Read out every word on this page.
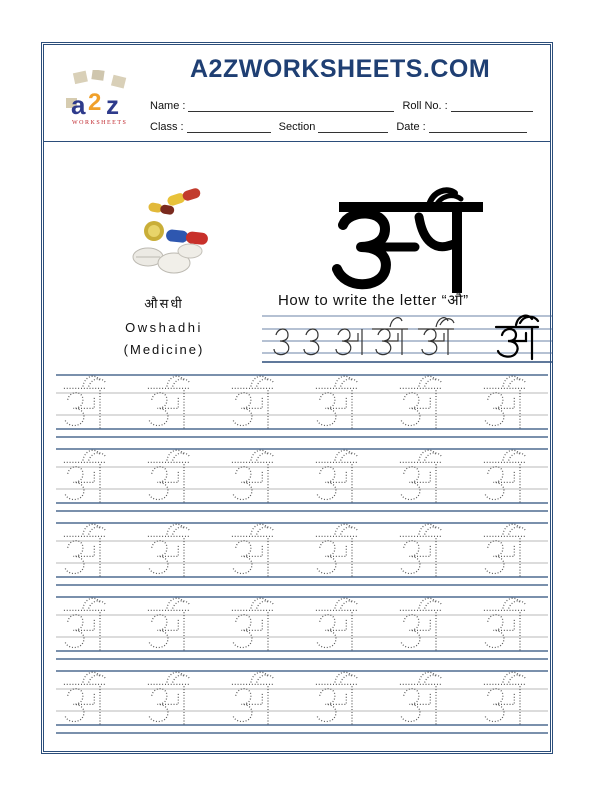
a 2 z
WORKSHEETS
A2ZWORKSHEETS.COM
Name :	Roll No. :
Class :	Section	Date :
औसधी
Owshadhi
(Medicine)
How to write the letter “औ”
